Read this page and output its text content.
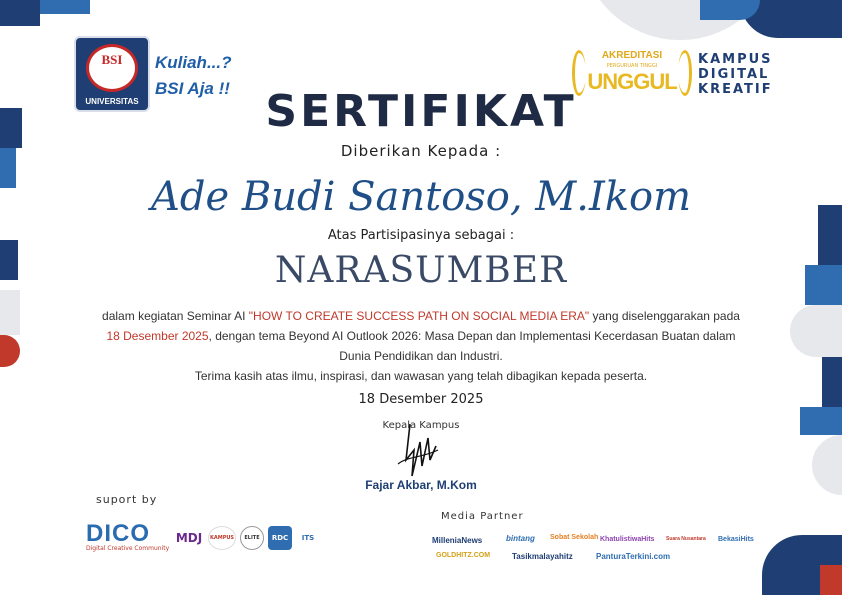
BSI
UNIVERSITAS
Kuliah...?
BSI Aja !!
AKREDITASI
PERGURUAN TINGGI
UNGGUL
KAMPUS
DIGITAL
KREATIF
SERTIFIKAT
Diberikan Kepada :
Ade Budi Santoso, M.Ikom
Atas Partisipasinya sebagai :
NARASUMBER
dalam kegiatan Seminar AI "HOW TO CREATE SUCCESS PATH ON SOCIAL MEDIA ERA" yang diselenggarakan pada 18 Desember 2025, dengan tema Beyond AI Outlook 2026: Masa Depan dan Implementasi Kecerdasan Buatan dalam Dunia Pendidikan dan Industri.
Terima kasih atas ilmu, inspirasi, dan wawasan yang telah dibagikan kepada peserta.
18 Desember 2025
Kepala Kampus
Fajar Akbar, M.Kom
suport by
DICO
Digital Creative Community
MDJ	KAMPUS	ELITE	RDC	ITS
Media Partner
MilleniaNews	bintang Sobat Sekolah KhatulistiwaHits Suara Nusantara BekasiHits
GOLDHITZ.COM	Tasikmalayahitz	PanturaTerkini.com
